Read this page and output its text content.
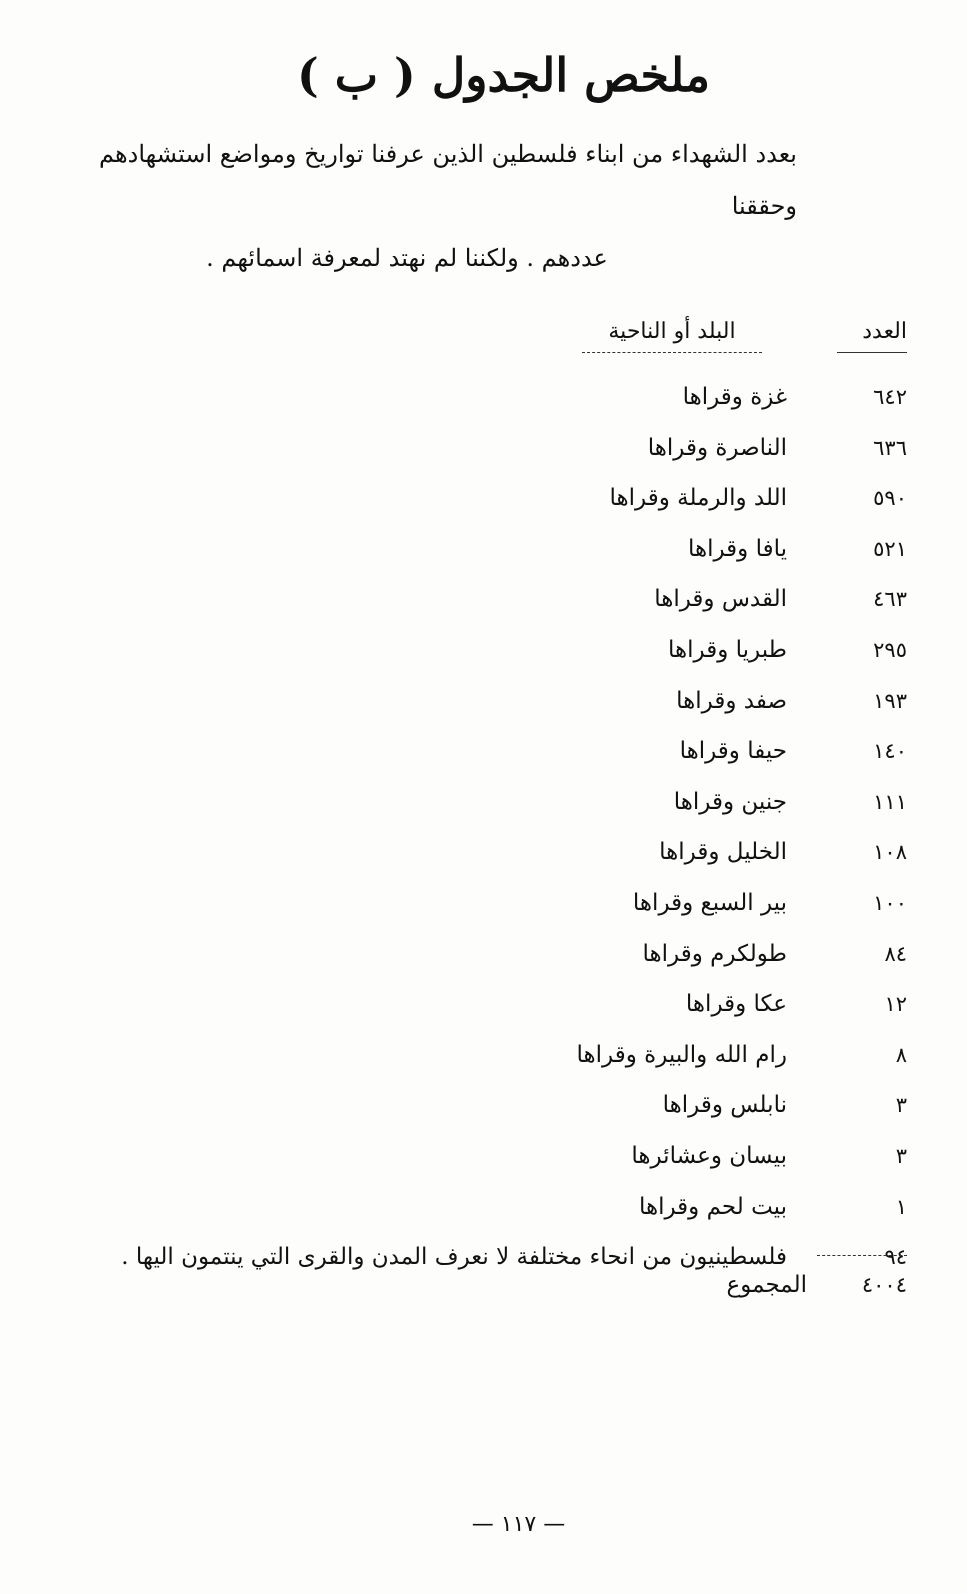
ملخص الجدول ( ب )
بعدد الشهداء من ابناء فلسطين الذين عرفنا تواريخ ومواضع استشهادهم وحققنا
عددهم . ولكننا لم نهتد لمعرفة اسمائهم .
العدد
البلد أو الناحية
٦٤٢
غزة وقراها
٦٣٦
الناصرة وقراها
٥٩٠
اللد والرملة وقراها
٥٢١
يافا وقراها
٤٦٣
القدس وقراها
٢٩٥
طبريا وقراها
١٩٣
صفد وقراها
١٤٠
حيفا وقراها
١١١
جنين وقراها
١٠٨
الخليل وقراها
١٠٠
بير السبع وقراها
٨٤
طولكرم وقراها
١٢
عكا وقراها
٨
رام الله والبيرة وقراها
٣
نابلس وقراها
٣
بيسان وعشائرها
١
بيت لحم وقراها
٩٤
فلسطينيون من انحاء مختلفة لا نعرف المدن والقرى التي ينتمون اليها .
٤٠٠٤
المجموع
— ١١٧ —
